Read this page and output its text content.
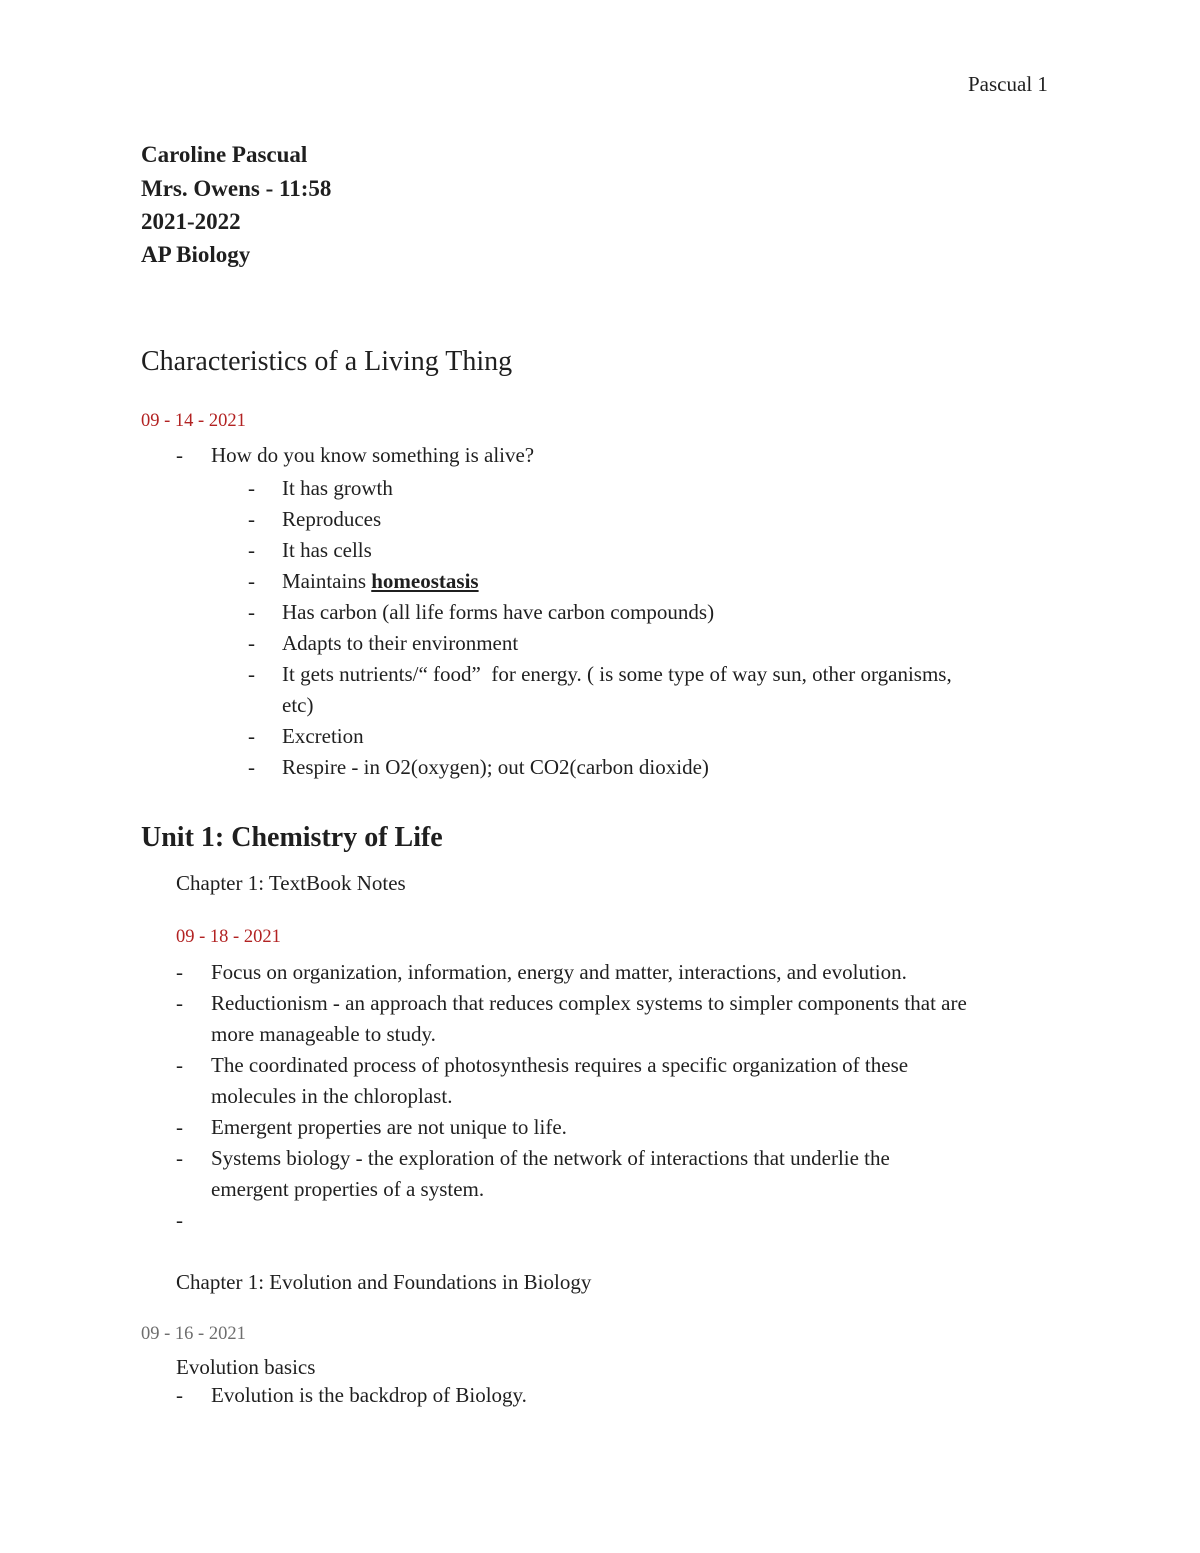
Pascual 1
Caroline Pascual
Mrs. Owens - 11:58
2021-2022
AP Biology
Characteristics of a Living Thing
09 - 14 - 2021
- How do you know something is alive?
- It has growth
- Reproduces
- It has cells
- Maintains homeostasis
- Has carbon (all life forms have carbon compounds)
- Adapts to their environment
- It gets nutrients/“ food”  for energy. ( is some type of way sun, other organisms,
etc)
- Excretion
- Respire - in O2(oxygen); out CO2(carbon dioxide)
Unit 1: Chemistry of Life
Chapter 1: TextBook Notes
09 - 18 - 2021
- Focus on organization, information, energy and matter, interactions, and evolution.
- Reductionism - an approach that reduces complex systems to simpler components that are
more manageable to study.
- The coordinated process of photosynthesis requires a specific organization of these
molecules in the chloroplast.
- Emergent properties are not unique to life.
- Systems biology - the exploration of the network of interactions that underlie the
emergent properties of a system.
-
Chapter 1: Evolution and Foundations in Biology
09 - 16 - 2021
Evolution basics
- Evolution is the backdrop of Biology.
